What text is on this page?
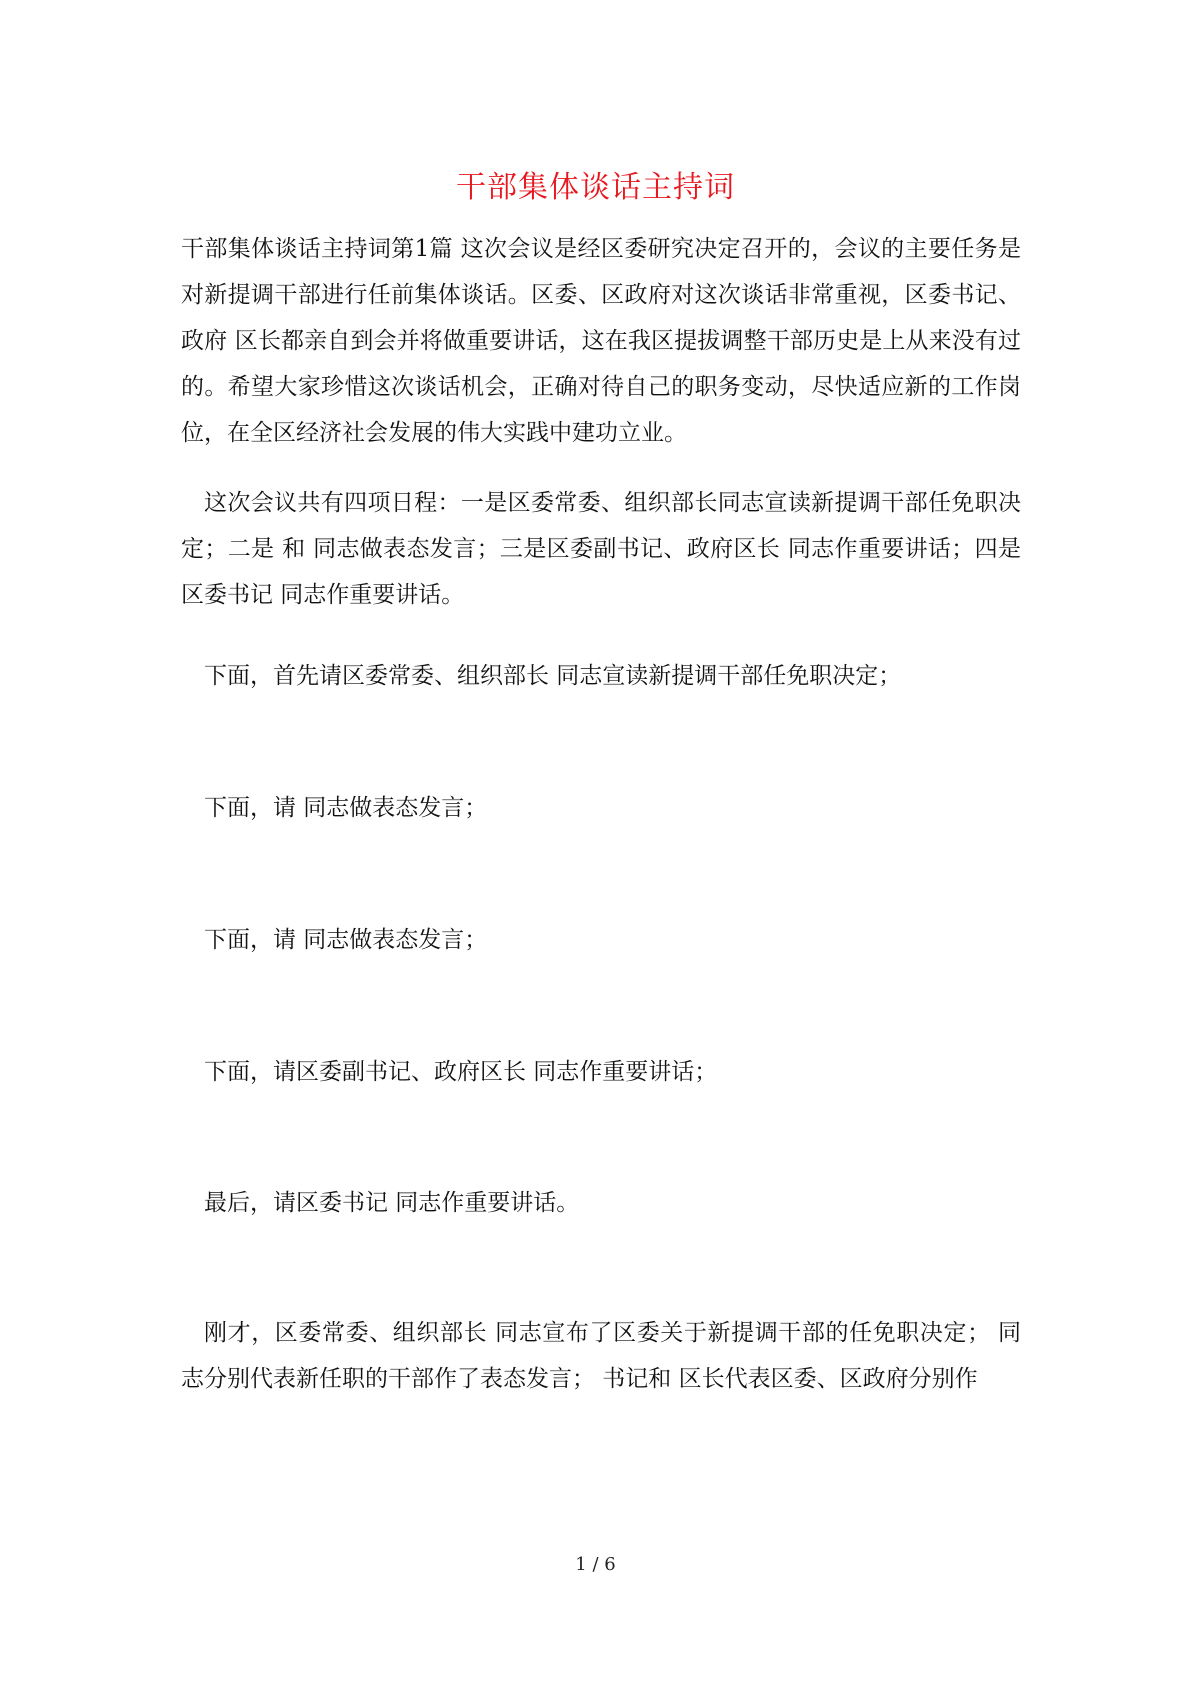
干部集体谈话主持词

干部集体谈话主持词第1篇 这次会议是经区委研究决定召开的，会议的主要任务是对新提调干部进行任前集体谈话。区委、区政府对这次谈话非常重视，区委书记、政府 区长都亲自到会并将做重要讲话，这在我区提拔调整干部历史是上从来没有过的。希望大家珍惜这次谈话机会，正确对待自己的职务变动，尽快适应新的工作岗位，在全区经济社会发展的伟大实践中建功立业。

这次会议共有四项日程：一是区委常委、组织部长同志宣读新提调干部任免职决定；二是 和 同志做表态发言；三是区委副书记、政府区长 同志作重要讲话；四是区委书记 同志作重要讲话。

下面，首先请区委常委、组织部长 同志宣读新提调干部任免职决定；

下面，请 同志做表态发言；

下面，请 同志做表态发言；

下面，请区委副书记、政府区长 同志作重要讲话；

最后，请区委书记 同志作重要讲话。

刚才，区委常委、组织部长 同志宣布了区委关于新提调干部的任免职决定； 同志分别代表新任职的干部作了表态发言； 书记和 区长代表区委、区政府分别作

1 / 6
